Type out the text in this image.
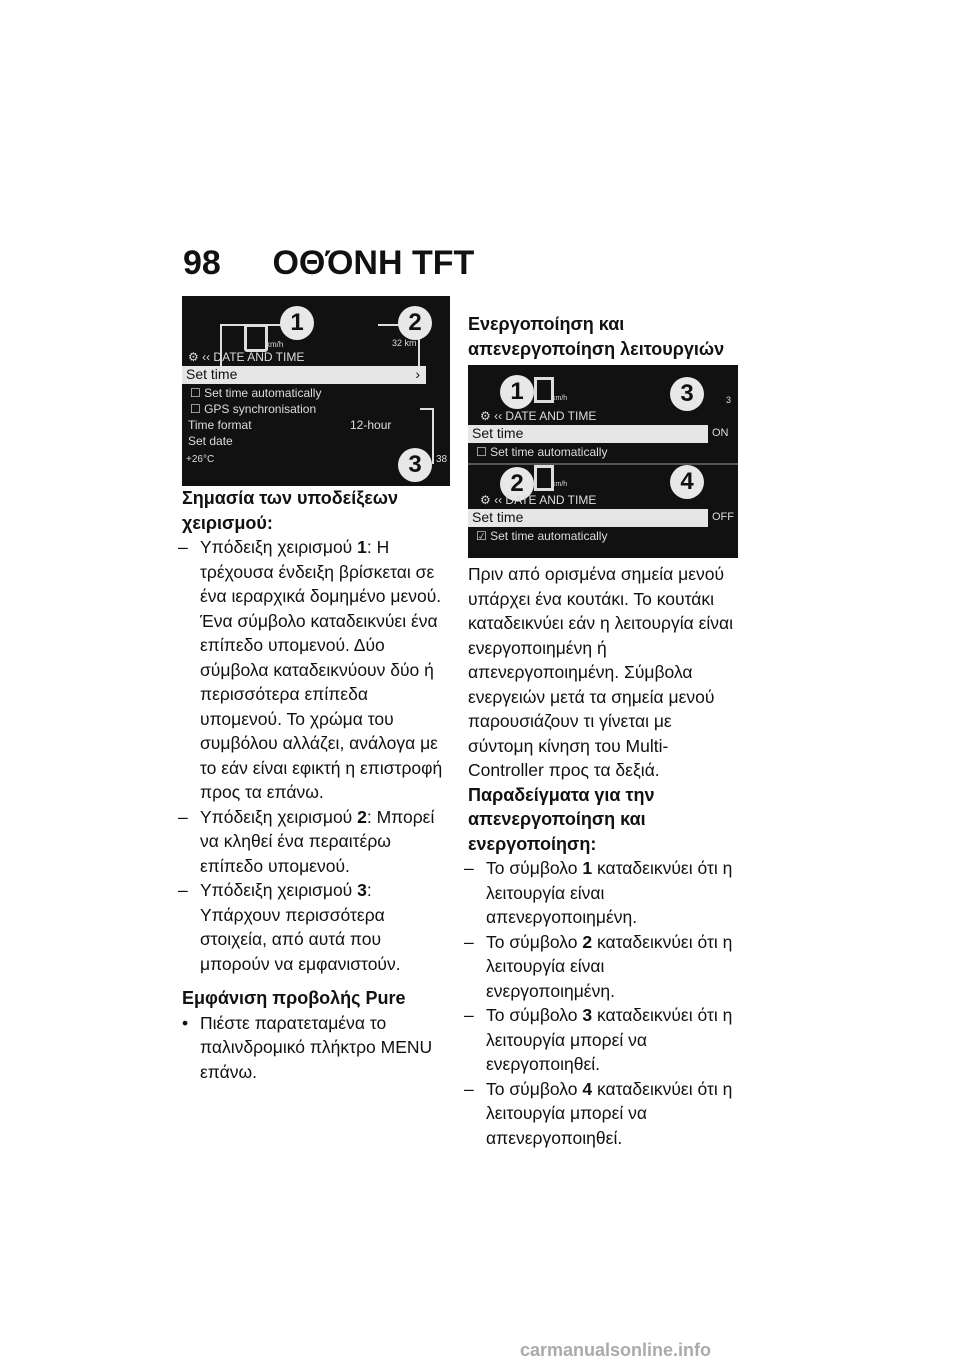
98 ΟΘΌΝΗ TFT
1	2
3
km/h	32 km
⚙ ‹‹ DATE AND TIME
Set time	›
☐ Set time automatically
☐ GPS synchronisation
Time format	12-hour
Set date
+26°C	38

Σημασία των υποδείξεων χειρισμού:

– Υπόδειξη χειρισμού 1: Η τρέχουσα ένδειξη βρίσκεται σε ένα ιεραρχικά δομημένο μενού. Ένα σύμβολο καταδεικνύει ένα επίπεδο υπομενού. Δύο σύμβολα καταδεικνύουν δύο ή περισσότερα επίπεδα υπομενού. Το χρώμα του συμβόλου αλλάζει, ανάλογα με το εάν είναι εφικτή η επιστροφή προς τα επάνω.

– Υπόδειξη χειρισμού 2: Μπορεί να κληθεί ένα περαιτέρω επίπεδο υπομενού.

– Υπόδειξη χειρισμού 3: Υπάρχουν περισσότερα στοιχεία, από αυτά που μπορούν να εμφανιστούν.

Εμφάνιση προβολής Pure

• Πιέστε παρατεταμένα το παλινδρομικό πλήκτρο MENU επάνω.

Ενεργοποίηση και απενεργοποίηση λειτουργιών

1	3
2	4
km/h
⚙ ‹‹ DATE AND TIME
Set time	ON
☐ Set time automatically
km/h
⚙ ‹‹ DATE AND TIME
Set time	OFF
☑ Set time automatically
3

Πριν από ορισμένα σημεία μενού υπάρχει ένα κουτάκι. Το κουτάκι καταδεικνύει εάν η λειτουργία είναι ενεργοποιημένη ή απενεργοποιημένη. Σύμβολα ενεργειών μετά τα σημεία μενού παρουσιάζουν τι γίνεται με σύντομη κίνηση του Multi-Controller προς τα δεξιά.

Παραδείγματα για την απενεργοποίηση και ενεργοποίηση:

– Το σύμβολο 1 καταδεικνύει ότι η λειτουργία είναι απενεργοποιημένη.

– Το σύμβολο 2 καταδεικνύει ότι η λειτουργία είναι ενεργοποιημένη.

– Το σύμβολο 3 καταδεικνύει ότι η λειτουργία μπορεί να ενεργοποιηθεί.

– Το σύμβολο 4 καταδεικνύει ότι η λειτουργία μπορεί να απενεργοποιηθεί.

carmanualsonline.info
